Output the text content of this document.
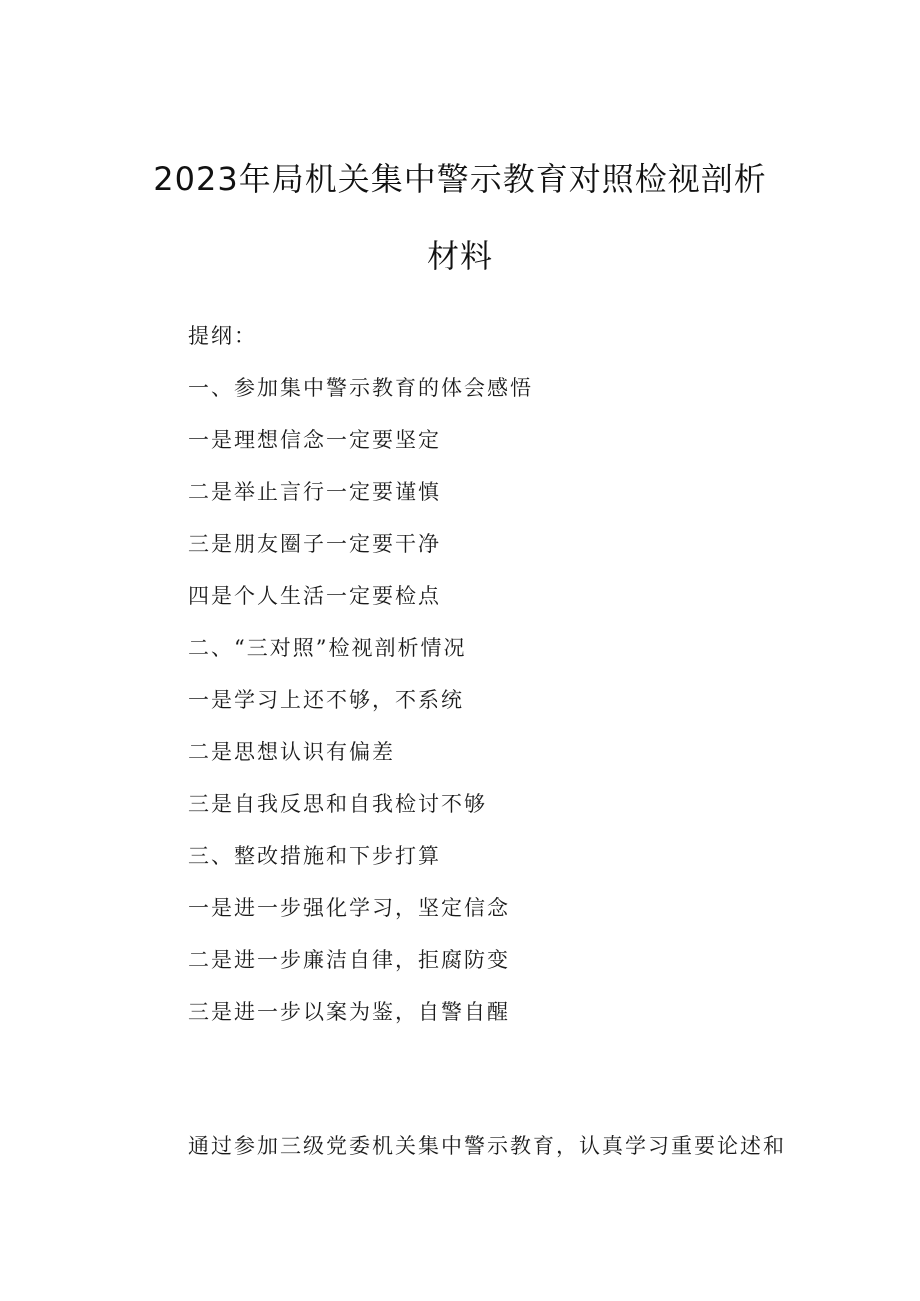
2023年局机关集中警示教育对照检视剖析
材料
提纲：
一、参加集中警示教育的体会感悟
一是理想信念一定要坚定
二是举止言行一定要谨慎
三是朋友圈子一定要干净
四是个人生活一定要检点
二、“三对照”检视剖析情况
一是学习上还不够，不系统
二是思想认识有偏差
三是自我反思和自我检讨不够
三、整改措施和下步打算
一是进一步强化学习，坚定信念
二是进一步廉洁自律，拒腐防变
三是进一步以案为鉴，自警自醒

通过参加三级党委机关集中警示教育，认真学习重要论述和
